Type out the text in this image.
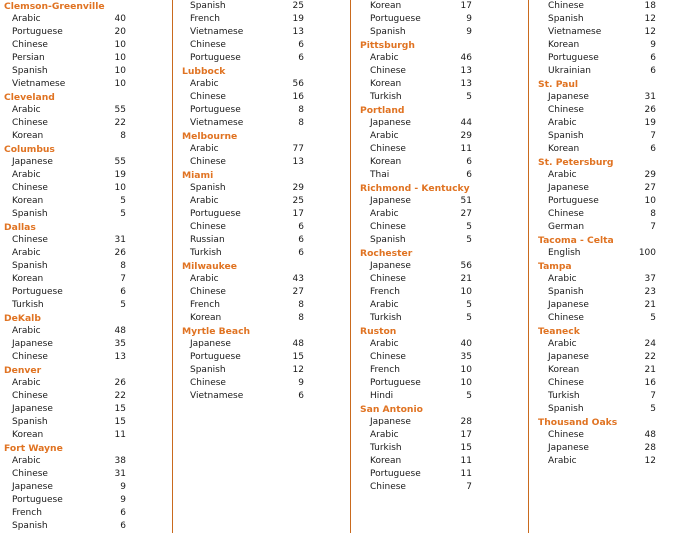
Clemson-Greenville
Arabic	40
Portuguese	20
Chinese	10
Persian	10
Spanish	10
Vietnamese	10
Cleveland
Arabic	55
Chinese	22
Korean	8
Columbus
Japanese	55
Arabic	19
Chinese	10
Korean	5
Spanish	5
Dallas
Chinese	31
Arabic	26
Spanish	8
Korean	7
Portuguese	6
Turkish	5
DeKalb
Arabic	48
Japanese	35
Chinese	13
Denver
Arabic	26
Chinese	22
Japanese	15
Spanish	15
Korean	11
Fort Wayne
Arabic	38
Chinese	31
Japanese	9
Portuguese	9
French	6
Spanish	6
Spanish	25
French	19
Vietnamese	13
Chinese	6
Portuguese	6
Lubbock
Arabic	56
Chinese	16
Portuguese	8
Vietnamese	8
Melbourne
Arabic	77
Chinese	13
Miami
Spanish	29
Arabic	25
Portuguese	17
Chinese	6
Russian	6
Turkish	6
Milwaukee
Arabic	43
Chinese	27
French	8
Korean	8
Myrtle Beach
Japanese	48
Portuguese	15
Spanish	12
Chinese	9
Vietnamese	6
Korean	17
Portuguese	9
Spanish	9
Pittsburgh
Arabic	46
Chinese	13
Korean	13
Turkish	5
Portland
Japanese	44
Arabic	29
Chinese	11
Korean	6
Thai	6
Richmond - Kentucky
Japanese	51
Arabic	27
Chinese	5
Spanish	5
Rochester
Japanese	56
Chinese	21
French	10
Arabic	5
Turkish	5
Ruston
Arabic	40
Chinese	35
French	10
Portuguese	10
Hindi	5
San Antonio
Japanese	28
Arabic	17
Turkish	15
Korean	11
Portuguese	11
Chinese	7
Chinese	18
Spanish	12
Vietnamese	12
Korean	9
Portuguese	6
Ukrainian	6
St. Paul
Japanese	31
Chinese	26
Arabic	19
Spanish	7
Korean	6
St. Petersburg
Arabic	29
Japanese	27
Portuguese	10
Chinese	8
German	7
Tacoma - Celta
English	100
Tampa
Arabic	37
Spanish	23
Japanese	21
Chinese	5
Teaneck
Arabic	24
Japanese	22
Korean	21
Chinese	16
Turkish	7
Spanish	5
Thousand Oaks
Chinese	48
Japanese	28
Arabic	12
